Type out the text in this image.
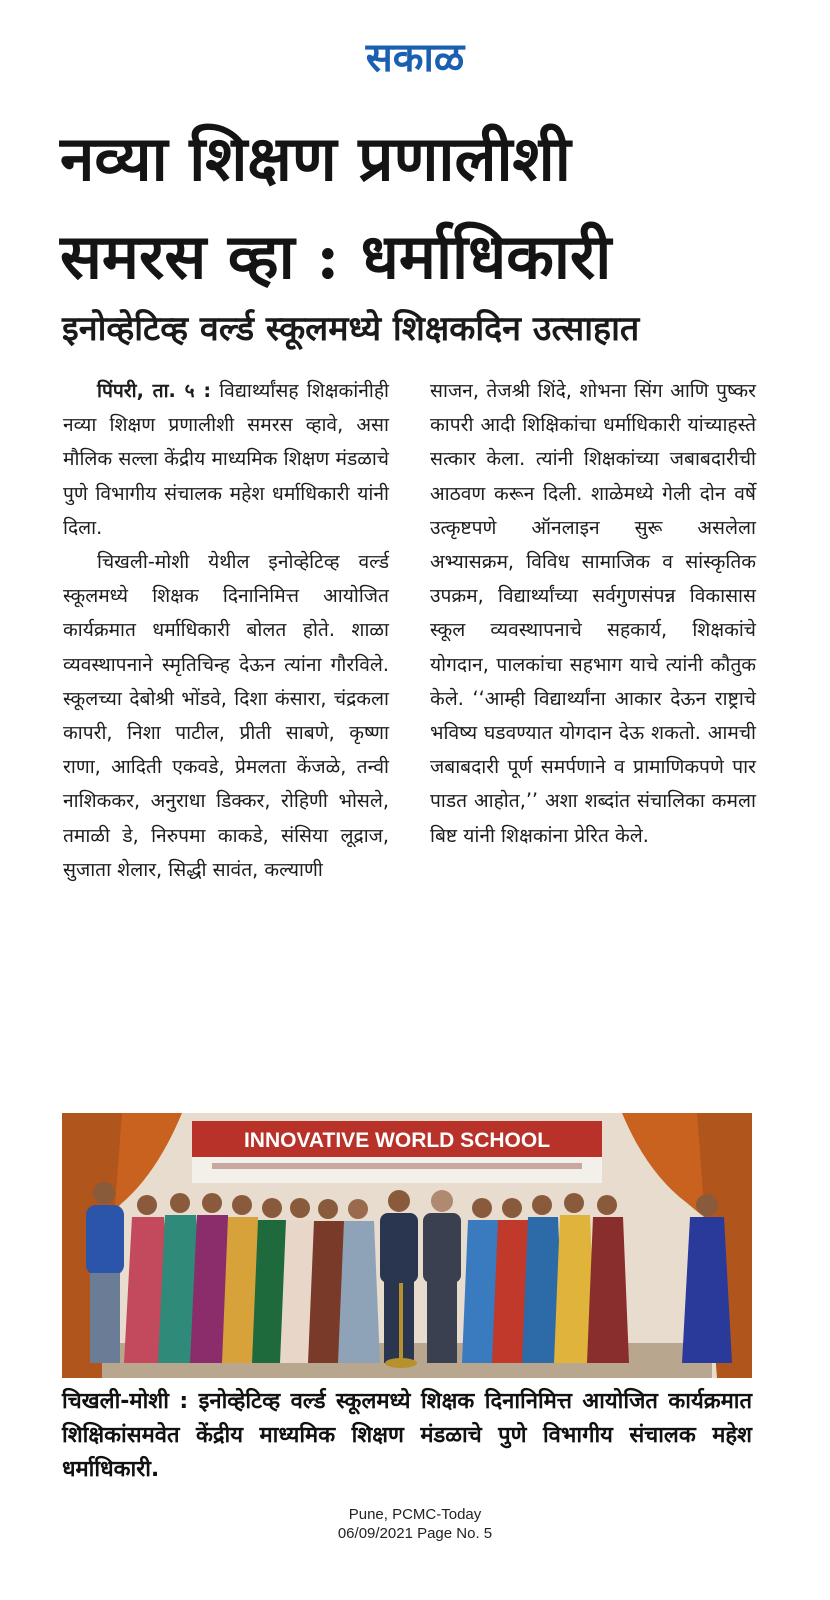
सकाळ
नव्या शिक्षण प्रणालीशी
समरस व्हा : धर्माधिकारी
इनोव्हेटिव्ह वर्ल्ड स्कूलमध्ये शिक्षकदिन उत्साहात

पिंपरी, ता. ५ : विद्यार्थ्यांसह शिक्षकांनीही नव्या शिक्षण प्रणालीशी समरस व्हावे, असा मौलिक सल्ला केंद्रीय माध्यमिक शिक्षण मंडळाचे पुणे विभागीय संचालक महेश धर्माधिकारी यांनी दिला.

चिखली-मोशी येथील इनोव्हेटिव्ह वर्ल्ड स्कूलमध्ये शिक्षक दिनानिमित्त आयोजित कार्यक्रमात धर्माधिकारी बोलत होते. शाळा व्यवस्थापनाने स्मृतिचिन्ह देऊन त्यांना गौरविले. स्कूलच्या देबोश्री भोंडवे, दिशा कंसारा, चंद्रकला कापरी, निशा पाटील, प्रीती साबणे, कृष्णा राणा, आदिती एकवडे, प्रेमलता केंजळे, तन्वी नाशिककर, अनुराधा डिक्कर, रोहिणी भोसले, तमाळी डे, निरुपमा काकडे, संसिया लूद्राज, सुजाता शेलार, सिद्धी सावंत, कल्याणी

साजन, तेजश्री शिंदे, शोभना सिंग आणि पुष्कर कापरी आदी शिक्षिकांचा धर्माधिकारी यांच्याहस्ते सत्कार केला. त्यांनी शिक्षकांच्या जबाबदारीची आठवण करून दिली. शाळेमध्ये गेली दोन वर्षे उत्कृष्टपणे ऑनलाइन सुरू असलेला अभ्यासक्रम, विविध सामाजिक व सांस्कृतिक उपक्रम, विद्यार्थ्यांच्या सर्वगुणसंपन्न विकासास स्कूल व्यवस्थापनाचे सहकार्य, शिक्षकांचे योगदान, पालकांचा सहभाग याचे त्यांनी कौतुक केले. ‘‘आम्ही विद्यार्थ्यांना आकार देऊन राष्ट्राचे भविष्य घडवण्यात योगदान देऊ शकतो. आमची जबाबदारी पूर्ण समर्पणाने व प्रामाणिकपणे पार पाडत आहोत,’’ अशा शब्दांत संचालिका कमला बिष्ट यांनी शिक्षकांना प्रेरित केले.

INNOVATIVE WORLD SCHOOL

चिखली-मोशी : इनोव्हेटिव्ह वर्ल्ड स्कूलमध्ये शिक्षक दिनानिमित्त आयोजित कार्यक्रमात शिक्षिकांसमवेत केंद्रीय माध्यमिक शिक्षण मंडळाचे पुणे विभागीय संचालक महेश धर्माधिकारी.

Pune, PCMC-Today
06/09/2021 Page No. 5
